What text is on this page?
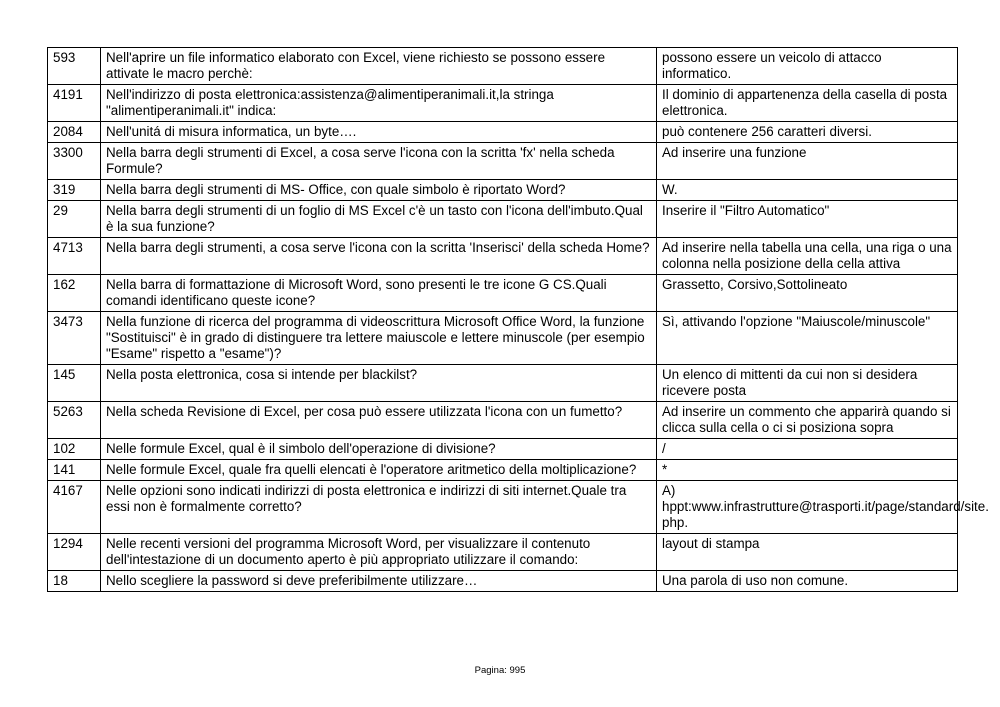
593	Nell'aprire un file informatico elaborato con Excel, viene richiesto se possono essere attivate le macro perchè:	possono essere un veicolo di attacco informatico.
4191	Nell'indirizzo di posta elettronica:assistenza@alimentiperanimali.it,la stringa "alimentiperanimali.it" indica:	Il dominio di appartenenza della casella di posta elettronica.
2084	Nell'unitá di misura informatica, un byte….	può contenere 256 caratteri diversi.
3300	Nella barra degli strumenti di Excel, a cosa serve l'icona con la scritta 'fx' nella scheda Formule?	Ad inserire una funzione
319	Nella barra degli strumenti di MS- Office, con quale simbolo è riportato Word?	W.
29	Nella barra degli strumenti di un foglio di MS Excel c'è un tasto con l'icona dell'imbuto.Qual è la sua funzione?	Inserire il "Filtro Automatico"
4713	Nella barra degli strumenti, a cosa serve l'icona con la scritta 'Inserisci' della scheda Home?	Ad inserire nella tabella una cella, una riga o una colonna nella posizione della cella attiva
162	Nella barra di formattazione di Microsoft Word, sono presenti le tre icone G CS.Quali comandi identificano queste icone?	Grassetto, Corsivo,Sottolineato
3473	Nella funzione di ricerca del programma di videoscrittura Microsoft Office Word, la funzione "Sostituisci" è in grado di distinguere tra lettere maiuscole e lettere minuscole (per esempio "Esame" rispetto a "esame")?	Sì, attivando l'opzione "Maiuscole/minuscole"
145	Nella posta elettronica, cosa si intende per blackilst?	Un elenco di mittenti da cui non si desidera ricevere posta
5263	Nella scheda Revisione di Excel, per cosa può essere utilizzata l'icona con un fumetto?	Ad inserire un commento che apparirà quando si clicca sulla cella o ci si posiziona sopra
102	Nelle formule Excel, qual è il simbolo dell'operazione di divisione?	/
141	Nelle formule Excel, quale fra quelli elencati è l'operatore aritmetico della moltiplicazione?	*
4167	Nelle opzioni sono indicati indirizzi di posta elettronica e indirizzi di siti internet.Quale tra essi non è formalmente corretto?	A) hppt:www.infrastrutture@trasporti.it/page/standard/site. php.
1294	Nelle recenti versioni del programma Microsoft Word, per visualizzare il contenuto dell'intestazione di un documento aperto è più appropriato utilizzare il comando:	layout di stampa
18	Nello scegliere la password si deve preferibilmente utilizzare…	Una parola di uso non comune.
Pagina: 995
